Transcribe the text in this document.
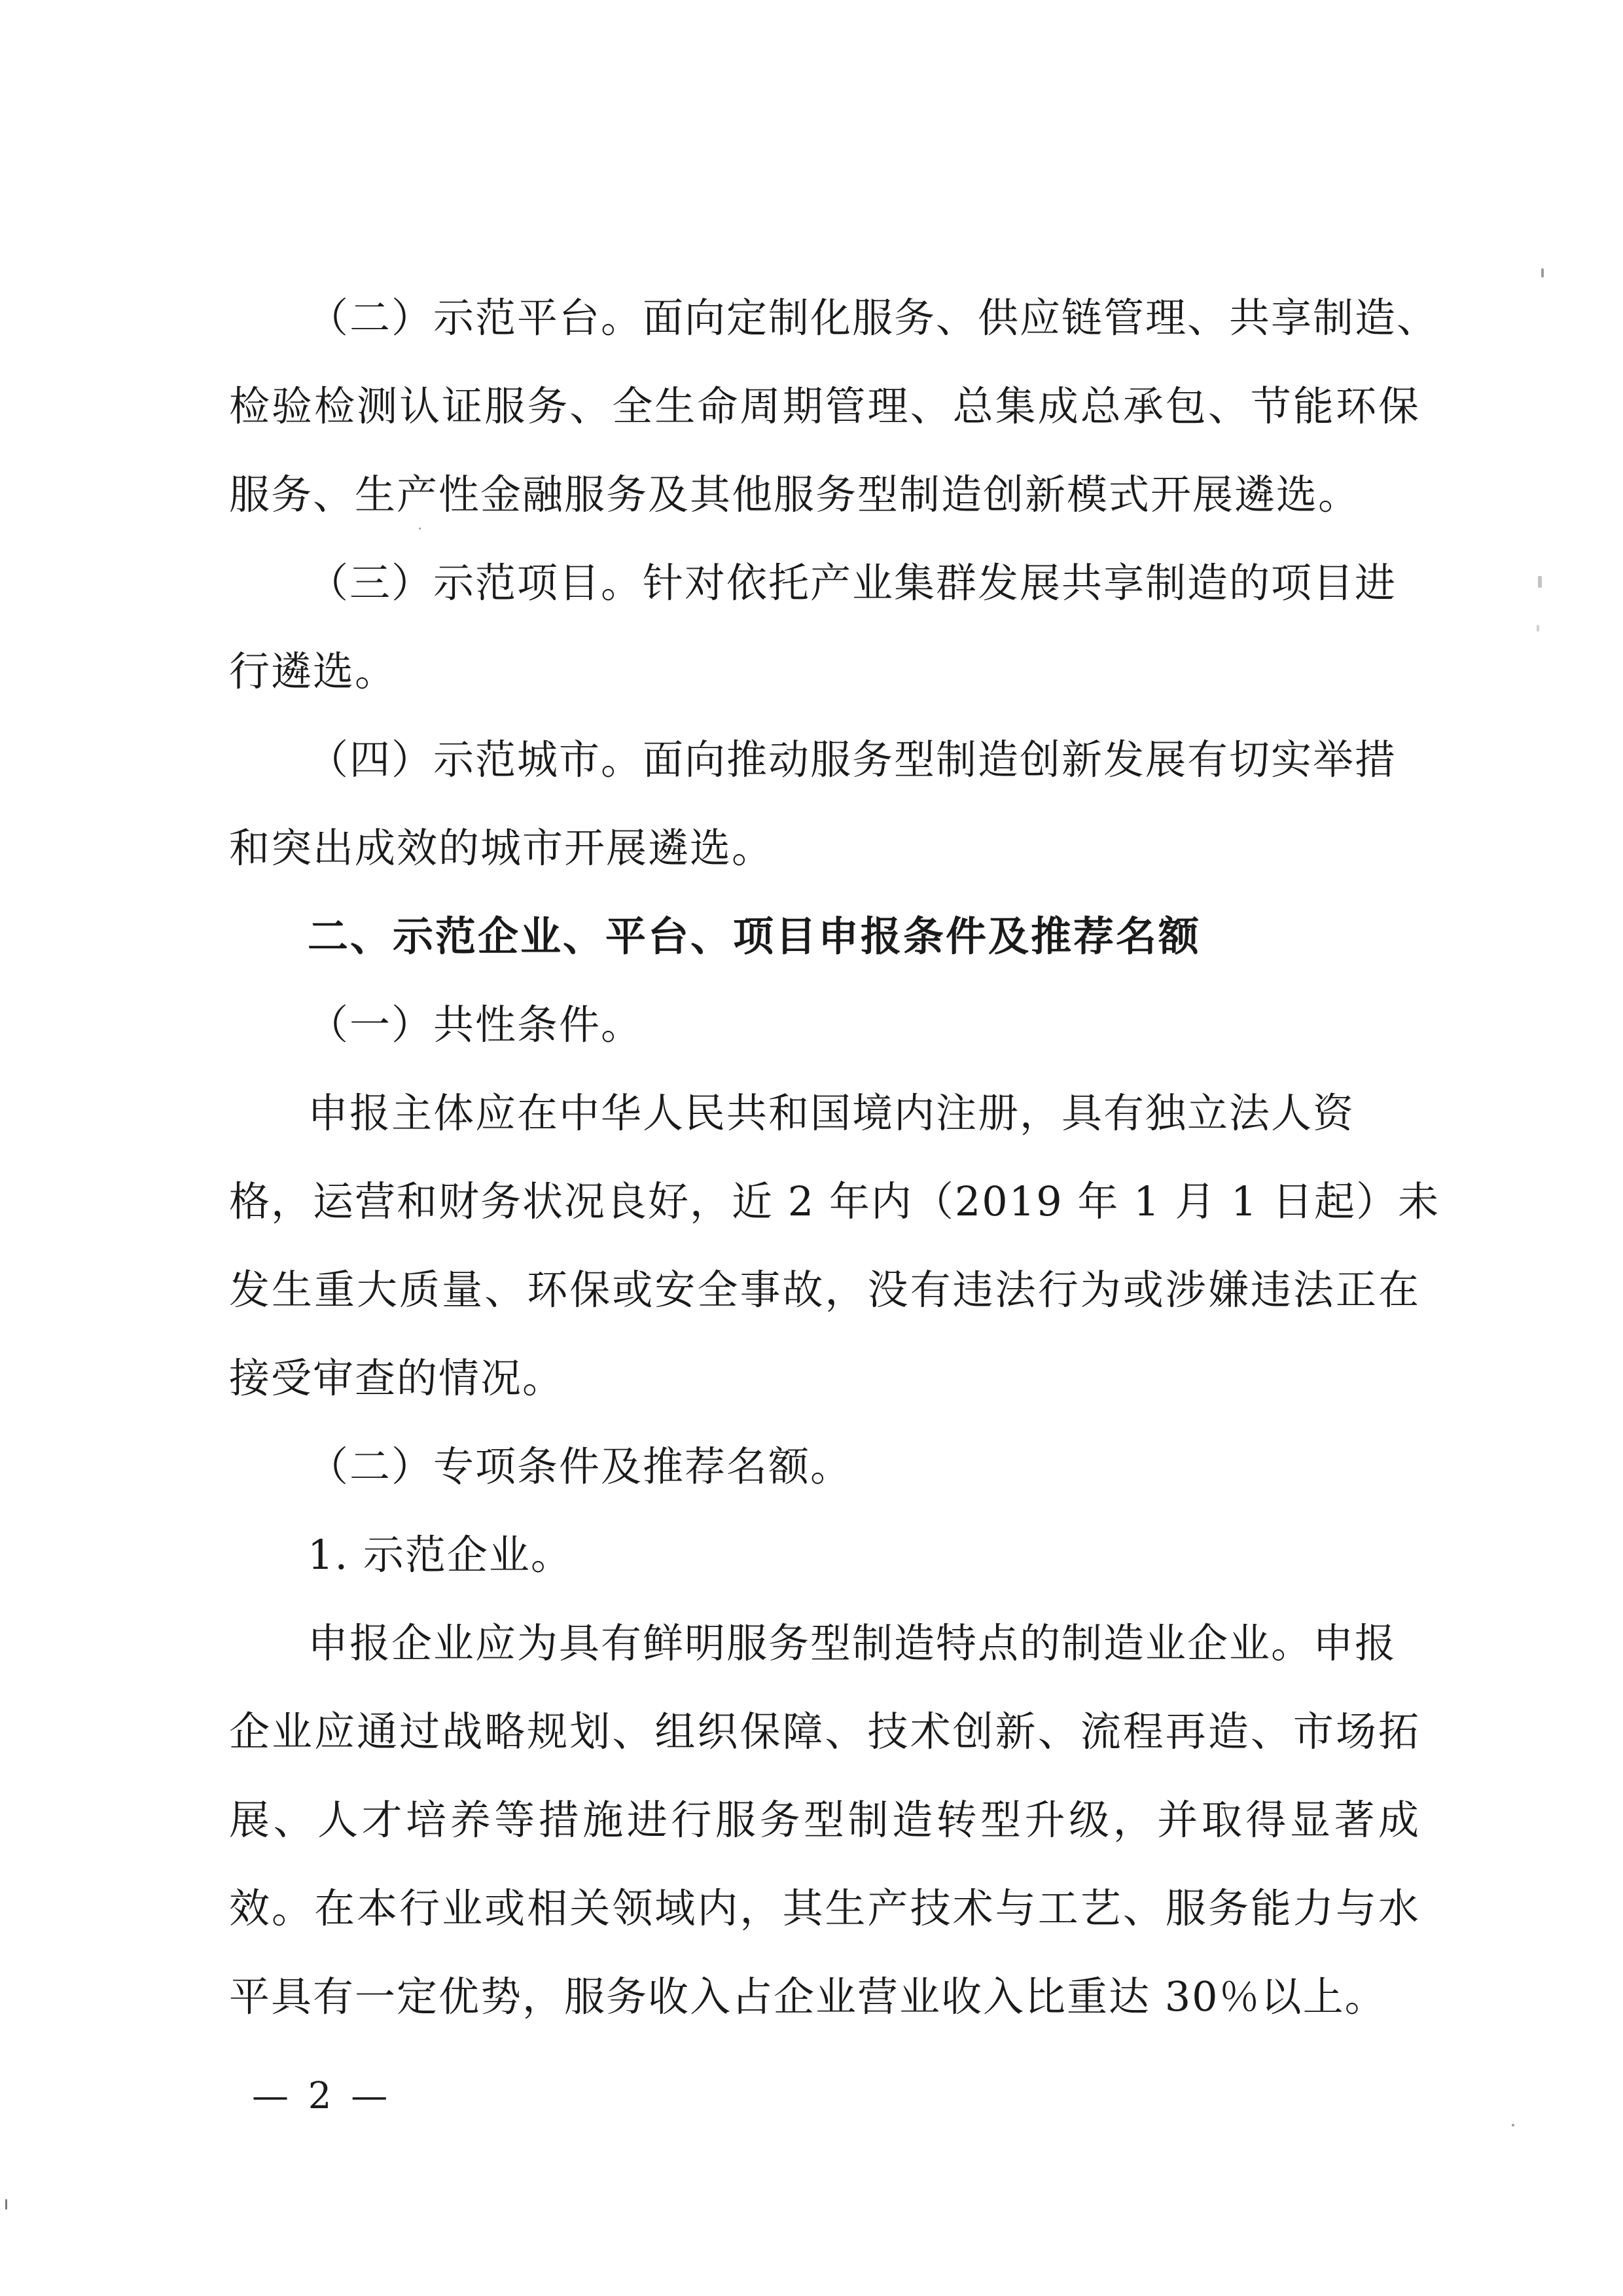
（二）示范平台。面向定制化服务、供应链管理、共享制造、
检验检测认证服务、全生命周期管理、总集成总承包、节能环保
服务、生产性金融服务及其他服务型制造创新模式开展遴选。
（三）示范项目。针对依托产业集群发展共享制造的项目进
行遴选。
（四）示范城市。面向推动服务型制造创新发展有切实举措
和突出成效的城市开展遴选。
二、示范企业、平台、项目申报条件及推荐名额
（一）共性条件。
申报主体应在中华人民共和国境内注册，具有独立法人资
格，运营和财务状况良好，近 2 年内（2019 年 1 月 1 日起）未
发生重大质量、环保或安全事故，没有违法行为或涉嫌违法正在
接受审查的情况。
（二）专项条件及推荐名额。
1. 示范企业。
申报企业应为具有鲜明服务型制造特点的制造业企业。申报
企业应通过战略规划、组织保障、技术创新、流程再造、市场拓
展、人才培养等措施进行服务型制造转型升级，并取得显著成
效。在本行业或相关领域内，其生产技术与工艺、服务能力与水
平具有一定优势，服务收入占企业营业收入比重达 30％以上。
— 2 —
